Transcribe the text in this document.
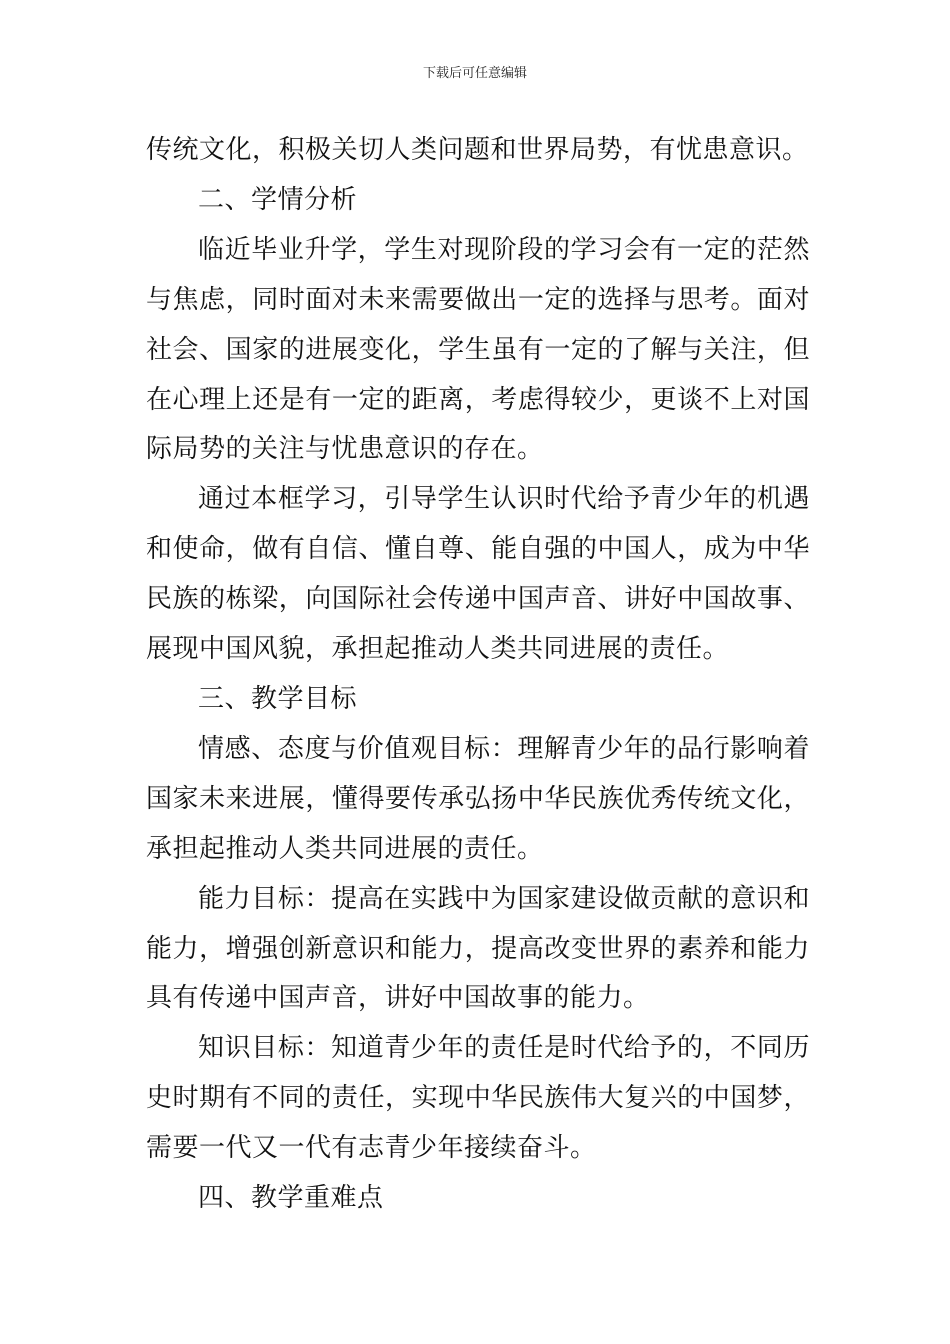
下载后可任意编辑

传统文化，积极关切人类问题和世界局势，有忧患意识。

二、学情分析

临近毕业升学，学生对现阶段的学习会有一定的茫然与焦虑，同时面对未来需要做出一定的选择与思考。面对社会、国家的进展变化，学生虽有一定的了解与关注，但在心理上还是有一定的距离，考虑得较少，更谈不上对国际局势的关注与忧患意识的存在。

通过本框学习，引导学生认识时代给予青少年的机遇和使命，做有自信、懂自尊、能自强的中国人，成为中华民族的栋梁，向国际社会传递中国声音、讲好中国故事、展现中国风貌，承担起推动人类共同进展的责任。

三、教学目标

情感、态度与价值观目标：理解青少年的品行影响着国家未来进展，懂得要传承弘扬中华民族优秀传统文化，承担起推动人类共同进展的责任。

能力目标：提高在实践中为国家建设做贡献的意识和能力，增强创新意识和能力，提高改变世界的素养和能力具有传递中国声音，讲好中国故事的能力。

知识目标：知道青少年的责任是时代给予的，不同历史时期有不同的责任，实现中华民族伟大复兴的中国梦，需要一代又一代有志青少年接续奋斗。

四、教学重难点
